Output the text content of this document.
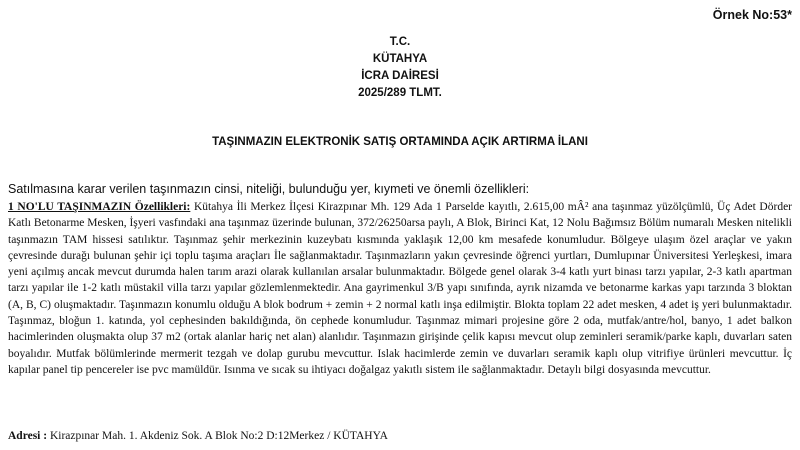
Örnek No:53*
T.C.
KÜTAHYA
İCRA DAİRESİ
2025/289 TLMT.
TAŞINMAZIN ELEKTRONİK SATIŞ ORTAMINDA AÇIK ARTIRMA İLANI
Satılmasına karar verilen taşınmazın cinsi, niteliği, bulunduğu yer, kıymeti ve önemli özellikleri:
1 NO'LU TAŞINMAZIN Özellikleri: Kütahya İli Merkez İlçesi Kirazpınar Mh. 129 Ada 1 Parselde kayıtlı, 2.615,00 mÂ² ana taşınmaz yüzölçümlü, Üç Adet Dörder Katlı Betonarme Mesken, İşyeri vasfındaki ana taşınmaz üzerinde bulunan, 372/26250arsa paylı, A Blok, Birinci Kat, 12 Nolu Bağımsız Bölüm numaralı Mesken nitelikli taşınmazın TAM hissesi satılıktır. Taşınmaz şehir merkezinin kuzeybatı kısmında yaklaşık 12,00 km mesafede konumludur. Bölgeye ulaşım özel araçlar ve yakın çevresinde durağı bulunan şehir içi toplu taşıma araçları İle sağlanmaktadır. Taşınmazların yakın çevresinde öğrenci yurtları, Dumlupınar Üniversitesi Yerleşkesi, imara yeni açılmış ancak mevcut durumda halen tarım arazi olarak kullanılan arsalar bulunmaktadır. Bölgede genel olarak 3-4 katlı yurt binası tarzı yapılar, 2-3 katlı apartman tarzı yapılar ile 1-2 katlı müstakil villa tarzı yapılar gözlemlenmektedir. Ana gayrimenkul 3/B yapı sınıfında, ayrık nizamda ve betonarme karkas yapı tarzında 3 bloktan (A, B, C) oluşmaktadır. Taşınmazın konumlu olduğu A blok bodrum + zemin + 2 normal katlı inşa edilmiştir. Blokta toplam 22 adet mesken, 4 adet iş yeri bulunmaktadır. Taşınmaz, bloğun 1. katında, yol cephesinden bakıldığında, ön cephede konumludur. Taşınmaz mimari projesine göre 2 oda, mutfak/antre/hol, banyo, 1 adet balkon hacimlerinden oluşmakta olup 37 m2 (ortak alanlar hariç net alan) alanlıdır. Taşınmazın girişinde çelik kapısı mevcut olup zeminleri seramik/parke kaplı, duvarları saten boyalıdır. Mutfak bölümlerinde mermerit tezgah ve dolap gurubu mevcuttur. Islak hacimlerde zemin ve duvarları seramik kaplı olup vitrifiye ürünleri mevcuttur. İç kapılar panel tip pencereler ise pvc mamüldür. Isınma ve sıcak su ihtiyacı doğalgaz yakıtlı sistem ile sağlanmaktadır. Detaylı bilgi dosyasında mevcuttur.
Adresi : Kirazpınar Mah. 1. Akdeniz Sok. A Blok No:2 D:12Merkez / KÜTAHYA
